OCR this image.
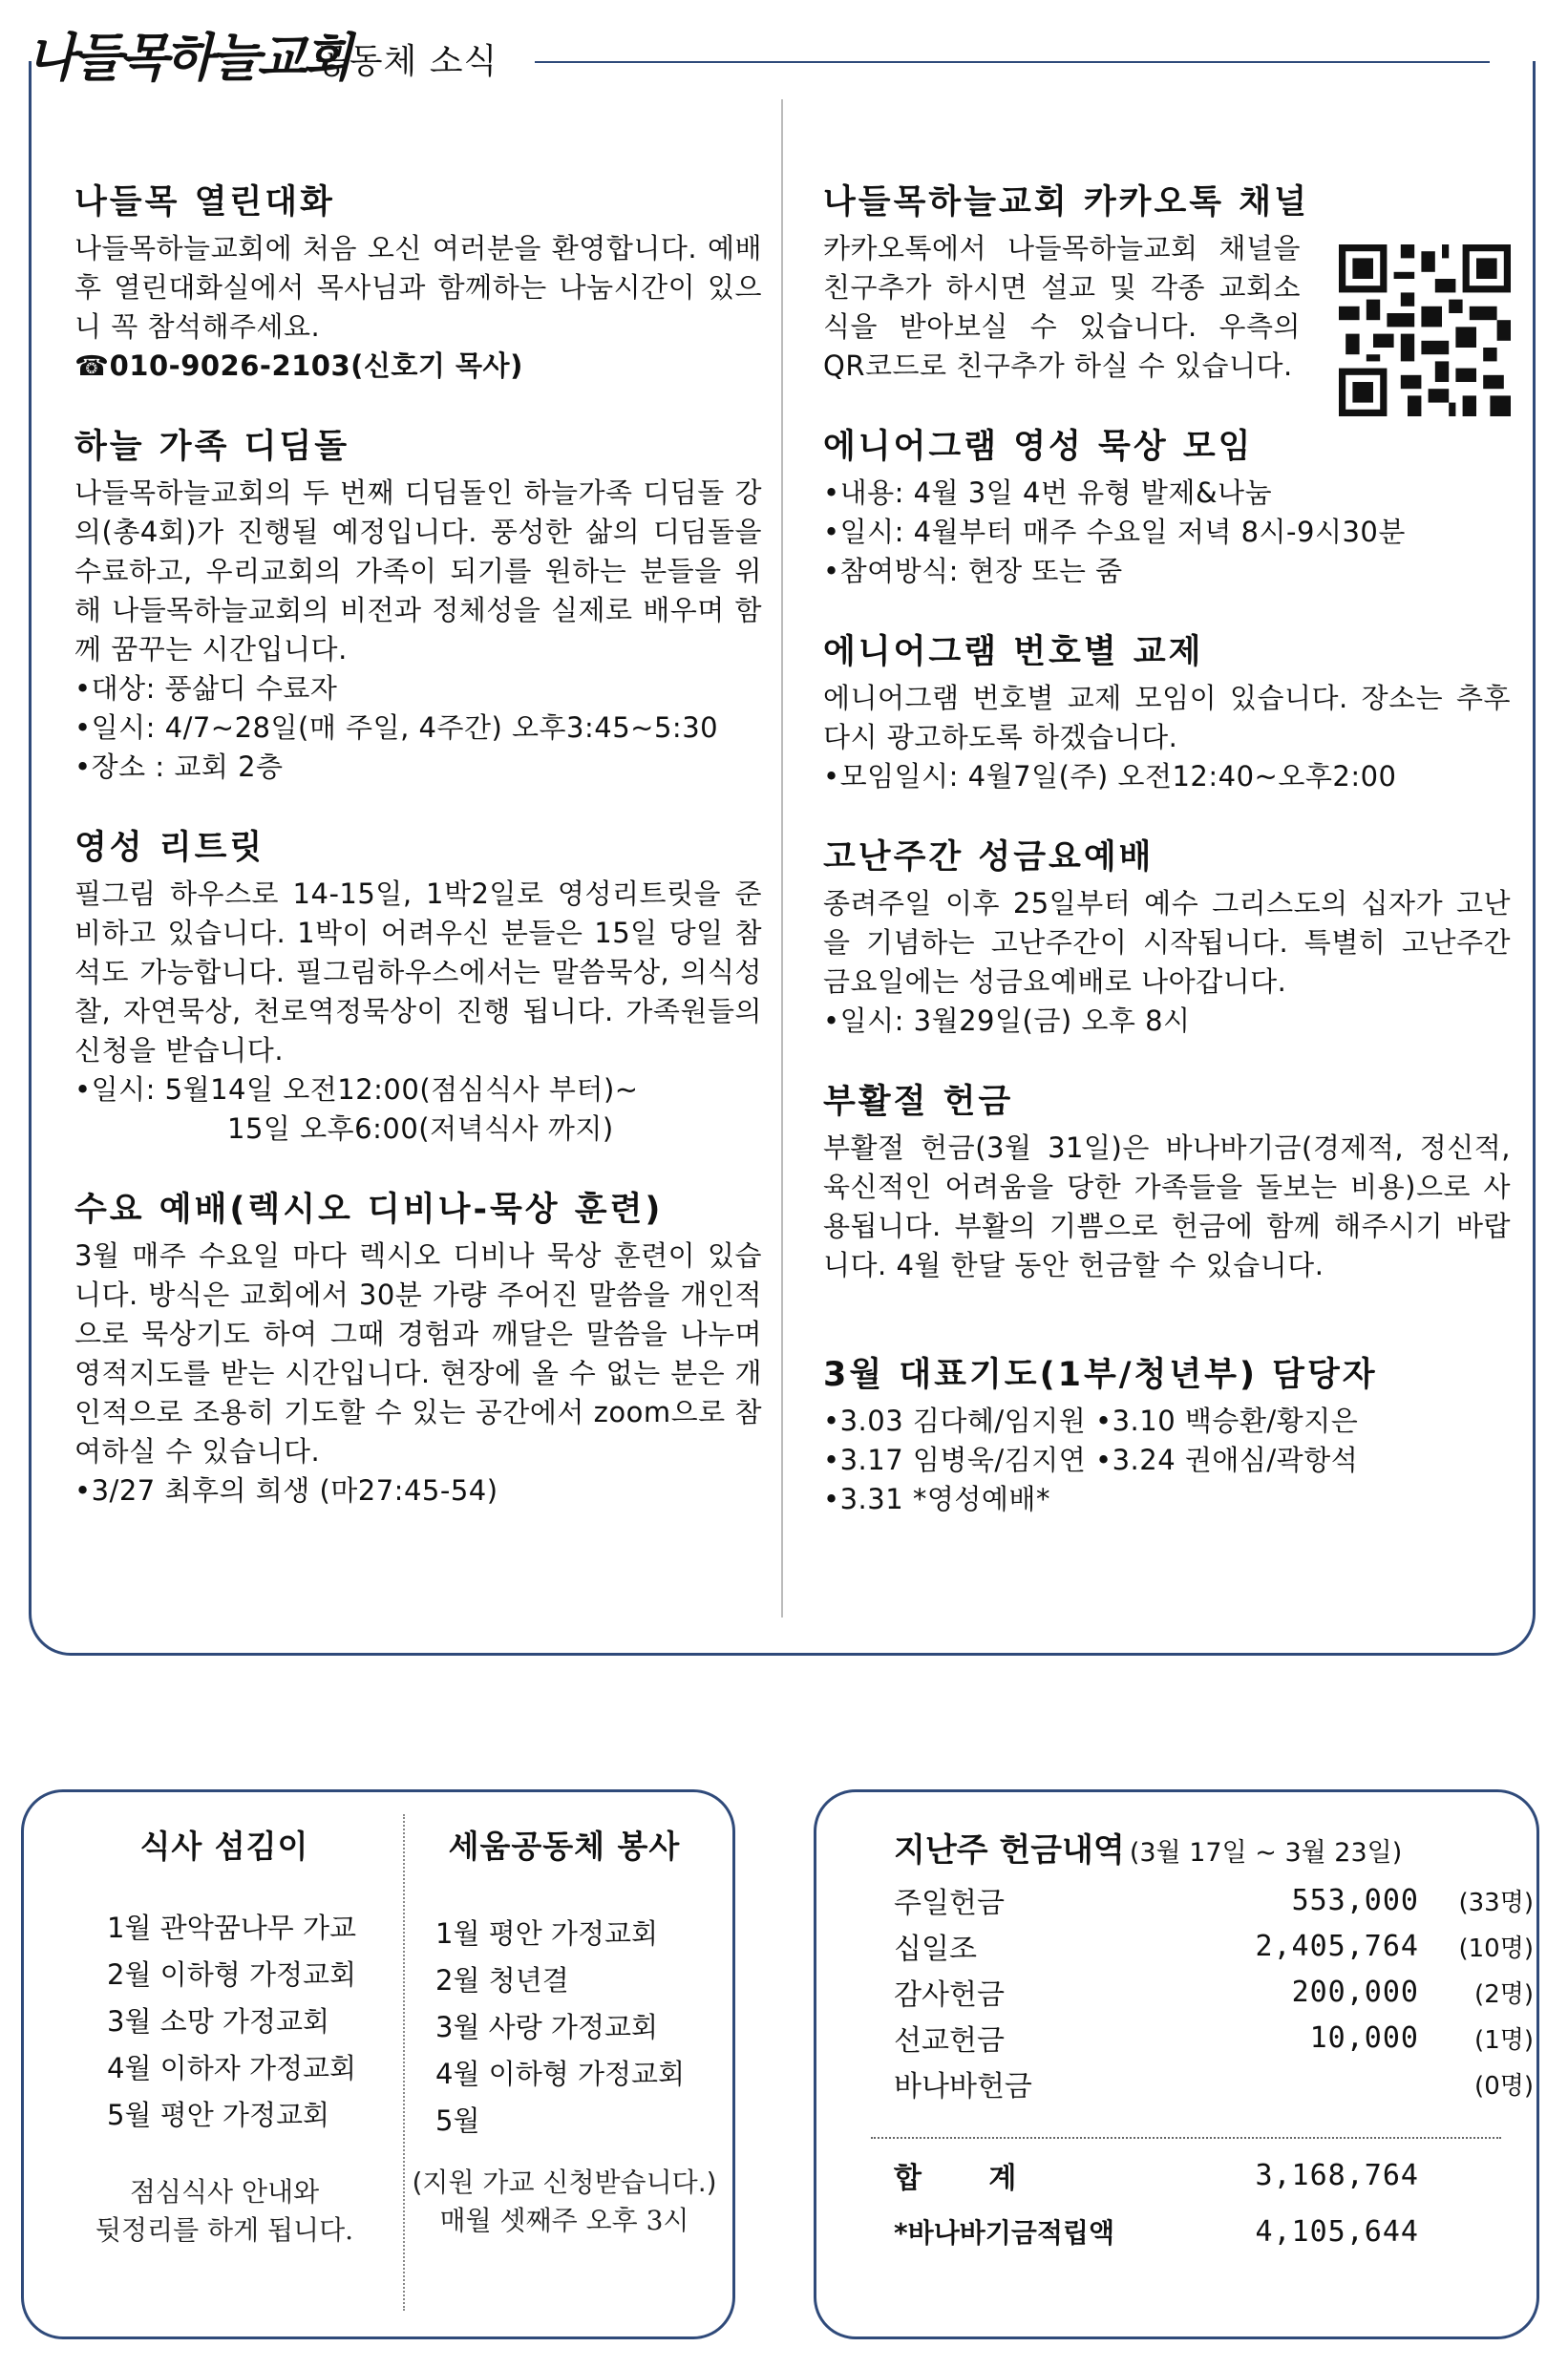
나들목하늘교회
공동체 소식
나들목 열린대화

나들목하늘교회에 처음 오신 여러분을 환영합니다. 예배 후 열린대화실에서 목사님과 함께하는 나눔시간이 있으니 꼭 참석해주세요.

☎010-9026-2103(신호기 목사)

하늘 가족 디딤돌

나들목하늘교회의 두 번째 디딤돌인 하늘가족 디딤돌 강의(총4회)가 진행될 예정입니다. 풍성한 삶의 디딤돌을 수료하고, 우리교회의 가족이 되기를 원하는 분들을 위해 나들목하늘교회의 비전과 정체성을 실제로 배우며 함께 꿈꾸는 시간입니다.

•대상: 풍삶디 수료자

•일시: 4/7~28일(매 주일, 4주간) 오후3:45~5:30

•장소 : 교회 2층

영성 리트릿

필그림 하우스로 14-15일, 1박2일로 영성리트릿을 준비하고 있습니다. 1박이 어려우신 분들은 15일 당일 참석도 가능합니다. 필그림하우스에서는 말씀묵상, 의식성찰, 자연묵상, 천로역정묵상이 진행 됩니다. 가족원들의 신청을 받습니다.

•일시: 5월14일 오전12:00(점심식사 부터)~

15일 오후6:00(저녁식사 까지)

수요 예배(렉시오 디비나-묵상 훈련)

3월 매주 수요일 마다 렉시오 디비나 묵상 훈련이 있습니다. 방식은 교회에서 30분 가량 주어진 말씀을 개인적으로 묵상기도 하여 그때 경험과 깨달은 말씀을 나누며 영적지도를 받는 시간입니다. 현장에 올 수 없는 분은 개인적으로 조용히 기도할 수 있는 공간에서 zoom으로 참여하실 수 있습니다.

•3/27 최후의 희생 (마27:45-54)

나들목하늘교회 카카오톡 채널

카카오톡에서 나들목하늘교회 채널을 친구추가 하시면 설교 및 각종 교회소식을 받아보실 수 있습니다. 우측의 QR코드로 친구추가 하실 수 있습니다.

에니어그램 영성 묵상 모임

•내용: 4월 3일 4번 유형 발제&나눔

•일시: 4월부터 매주 수요일 저녁 8시-9시30분

•참여방식: 현장 또는 줌

에니어그램 번호별 교제

에니어그램 번호별 교제 모임이 있습니다. 장소는 추후 다시 광고하도록 하겠습니다.

•모임일시: 4월7일(주) 오전12:40~오후2:00

고난주간 성금요예배

종려주일 이후 25일부터 예수 그리스도의 십자가 고난을 기념하는 고난주간이 시작됩니다. 특별히 고난주간 금요일에는 성금요예배로 나아갑니다.

•일시: 3월29일(금) 오후 8시

부활절 헌금

부활절 헌금(3월 31일)은 바나바기금(경제적, 정신적, 육신적인 어려움을 당한 가족들을 돌보는 비용)으로 사용됩니다. 부활의 기쁨으로 헌금에 함께 해주시기 바랍니다. 4월 한달 동안 헌금할 수 있습니다.

3월 대표기도(1부/청년부) 담당자

•3.03 김다혜/임지원 •3.10 백승환/황지은

•3.17 임병욱/김지연 •3.24 권애심/곽항석

•3.31 *영성예배*

식사 섬김이
1월 관악꿈나무 가교
2월 이하형 가정교회
3월 소망 가정교회
4월 이하자 가정교회
5월 평안 가정교회
점심식사 안내와
뒷정리를 하게 됩니다.
세움공동체 봉사
1월 평안 가정교회
2월 청년결
3월 사랑 가정교회
4월 이하형 가정교회
5월
(지원 가교 신청받습니다.)
매월 셋째주 오후 3시
지난주 헌금내역 (3월 17일 ~ 3월 23일)
주일헌금	553,000	(33명)
십일조	2,405,764	(10명)
감사헌금	200,000	(2명)
선교헌금	10,000	(1명)
바나바헌금		(0명)
합 계	3,168,764	
*바나바기금적립액	4,105,644	
